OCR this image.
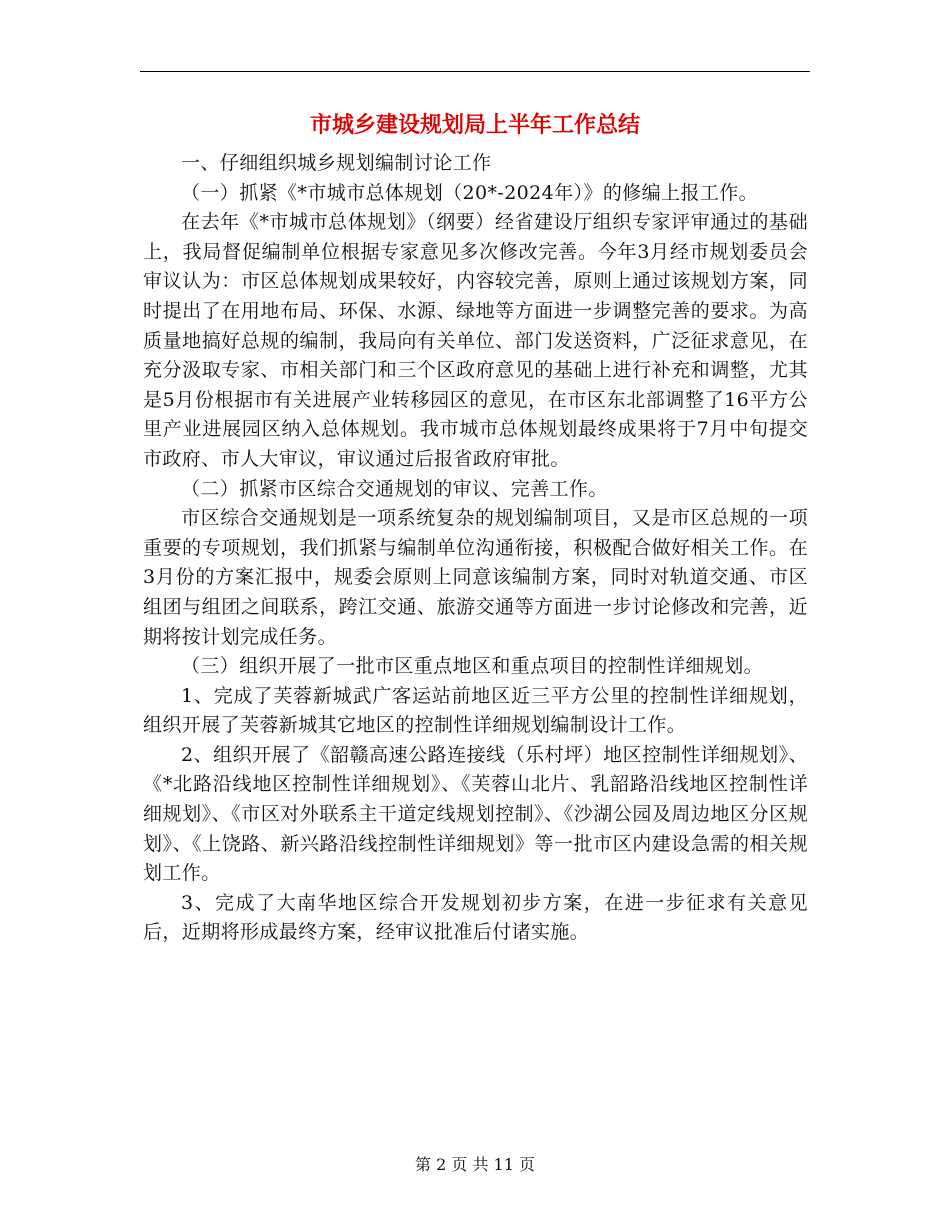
市城乡建设规划局上半年工作总结

一、仔细组织城乡规划编制讨论工作

（一）抓紧《*市城市总体规划（20*-2024年）》的修编上报工作。

在去年《*市城市总体规划》（纲要）经省建设厅组织专家评审通过的基础上，我局督促编制单位根据专家意见多次修改完善。今年3月经市规划委员会审议认为：市区总体规划成果较好，内容较完善，原则上通过该规划方案，同时提出了在用地布局、环保、水源、绿地等方面进一步调整完善的要求。为高质量地搞好总规的编制，我局向有关单位、部门发送资料，广泛征求意见，在充分汲取专家、市相关部门和三个区政府意见的基础上进行补充和调整，尤其是5月份根据市有关进展产业转移园区的意见，在市区东北部调整了16平方公里产业进展园区纳入总体规划。我市城市总体规划最终成果将于7月中旬提交市政府、市人大审议，审议通过后报省政府审批。

（二）抓紧市区综合交通规划的审议、完善工作。

市区综合交通规划是一项系统复杂的规划编制项目，又是市区总规的一项重要的专项规划，我们抓紧与编制单位沟通衔接，积极配合做好相关工作。在3月份的方案汇报中，规委会原则上同意该编制方案，同时对轨道交通、市区组团与组团之间联系，跨江交通、旅游交通等方面进一步讨论修改和完善，近期将按计划完成任务。

（三）组织开展了一批市区重点地区和重点项目的控制性详细规划。

1、完成了芙蓉新城武广客运站前地区近三平方公里的控制性详细规划，组织开展了芙蓉新城其它地区的控制性详细规划编制设计工作。

2、组织开展了《韶赣高速公路连接线（乐村坪）地区控制性详细规划》、《*北路沿线地区控制性详细规划》、《芙蓉山北片、乳韶路沿线地区控制性详细规划》、《市区对外联系主干道定线规划控制》、《沙湖公园及周边地区分区规划》、《上饶路、新兴路沿线控制性详细规划》等一批市区内建设急需的相关规划工作。

3、完成了大南华地区综合开发规划初步方案，在进一步征求有关意见后，近期将形成最终方案，经审议批准后付诸实施。

第 2 页 共 11 页
